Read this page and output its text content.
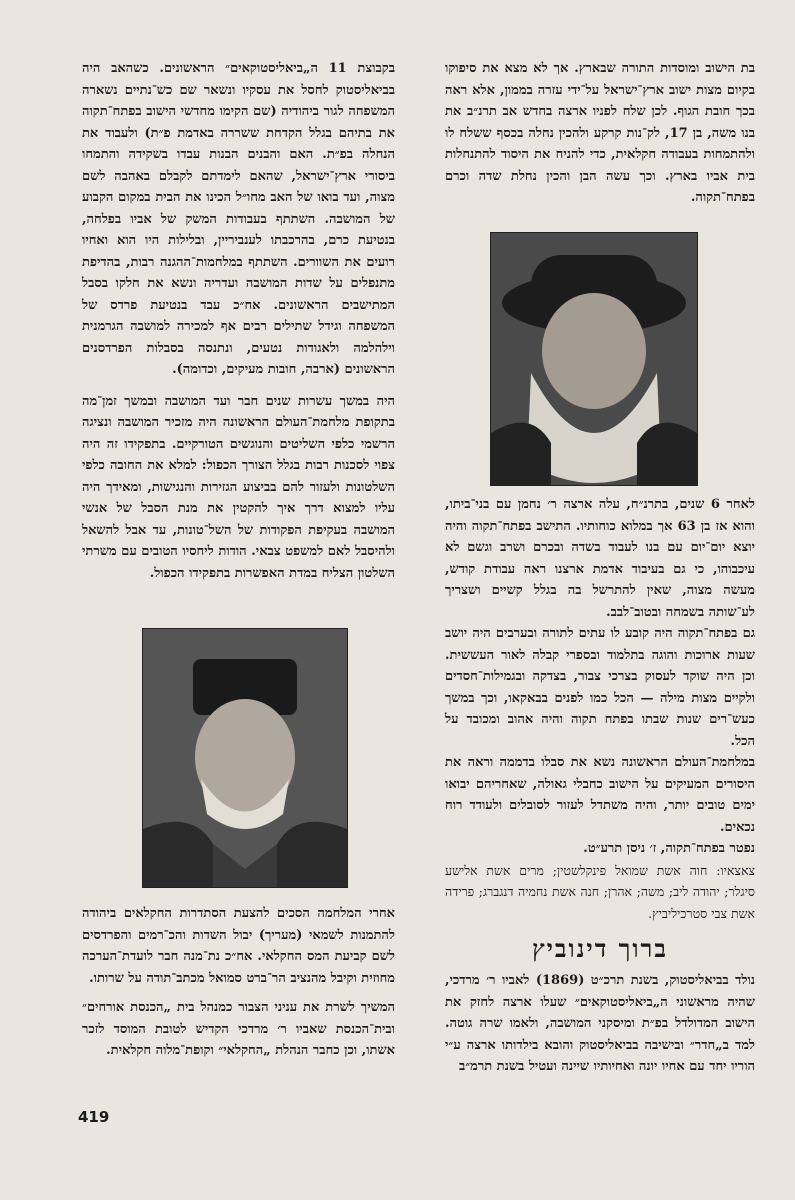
בת הישוב ומוסדות התורה שבארץ. אך לא מצא את סיפוקו בקיום מצות ישוב ארץ־ישראל על־ידי עזרה בממון, אלא ראה בכך חובת הגוף. לכן שלח לפניו ארצה בחדש אב תרנ״ב את בנו משה, בן 17, לק־נות קרקע ולהכין נחלה בכסף ששלח לו ולהתמחות בעבודה חקלאית, כדי להניח את היסוד להתנחלות בית אביו בארץ. וכך עשה הבן והכין נחלת שדה וכרם בפתח־תקוה.

לאחר 6 שנים, בתרנ״ח, עלה ארצה ר׳ נחמן עם בני־ביתו, והוא אז בן 63 אך במלוא כוחותיו. התישב בפתח־תקוה והיה יוצא יום־יום עם בנו לעבוד בשדה ובכרם ושרב וגשם לא עיכבוהו, כי גם בעיבוד אדמת ארצנו ראה עבודת קודש, מעשה מצוה, שאין להתרשל בה בגלל קשיים ושצריך לע־שותה בשמחה ובטוב־לבב.

גם בפתח־תקוה היה קובע לו עתים לתורה ובערבים היה יושב שעות ארוכות והוגה בתלמוד ובספרי קבלה לאור העששית. וכן היה שוקד לעסוק בצרכי צבור, בצדקה ובגמילות־חסדים ולקיים מצות מילה — הכל כמו לפנים בבאקאו, וכך במשך כעש־רים שנות שבתו בפתח תקוה והיה אהוב ומכובד על הכל.

במלחמת־העולם הראשונה נשא את סבלו בדממה וראה את היסורים המעיקים על הישוב כחבלי גאולה, שאחריהם יבואו ימים טובים יותר, והיה משתדל לעזור לסובלים ולעודד רוח נכאים.

נפטר בפתח־תקוה, ז׳ ניסן תרע״ט.

צאצאיו: חוה אשת שמואל פינקלשטין; מרים אשת אלישע סיגלר; יהודה ליב; משה; אהרן; חנה אשת נחמיה דנגברג; פרידה אשת צבי סטרכיליביץ.

ברוך דינוביץ

נולד בביאליסטוק, בשנת תרכ״ט (1869) לאביו ר׳ מרדכי, שהיה מראשוני ה„ביאליסטוקאים״ שעלו ארצה לחזק את הישוב המדולדל בפ״ת ומיסקני המושבה, ולאמו שרה גוטה. למד ב„חדר״ ובישיבה בביאליסטוק והובא בילדותו ארצה ע״י הוריו יחד עם אחיו יונה ואחיותיו שיינה ועטיל בשנת תרמ״ב

בקבוצת 11 ה„ביאליסטוקאים״ הראשונים. כשהאב היה בביאליסטוק לחסל את עסקיו ונשאר שם כש־נתיים נשארה המשפחה לגור ביהודיה (שם הקימו מחדשי הישוב בפתח־תקוה את בתיהם בגלל הקדחת ששררה באדמת פ״ת) ולעבוד את הנחלה בפ״ת. האם והבנים הבנות עבדו בשקידה והתמחו ביסורי ארץ־ישראל, שהאם לימדתם לקבלם באהבה לשם מצוה, ועד בואו של האב מחו״ל הכינו את הבית במקום הקבוע של המושבה. השתתף בעבודות המשק של אביו בפלחה, בנטיעת כרם, בהרכבתו לענביריין, ובלילות היו הוא ואחיו רועים את השוורים. השתתף במלחמות־ההגנה רבות, בהדיפת מתנפלים על שדות המושבה ועדריה ונשא את חלקו בסבל המתישבים הראשונים. אח״כ עבד בנטיעת פרדס של המשפחה וגידל שתילים רבים אף למכירה למושבה הגרמנית וילהלמה ולאגודות נטעים, ונתנסה בסבלות הפרדסנים הראשונים (ארבה, חובות מעיקים, וכדומה).

היה במשך עשרות שנים חבר ועד המושבה ובמשך זמן־מה בתקופת מלחמת־העולם הראשונה היה מזכיר המושבה ונציגה הרשמי כלפי השליטים והנוגשים הטורקיים. בתפקידו זה היה צפוי לסכנות רבות בגלל הצורך הכפול: למלא את החובה כלפי השלטונות ולעזור להם בביצוע הגזירות והנגישות, ומאידך היה עליו למצוא דרך איך להקטין את מנת הסבל של אנשי המושבה בעקיפת הפקודות של השל־טונות, עד אבל להשאל ולהיסבל לאם למשפט צבאי. הודות ליחסיו הטובים עם משרתי השלטון הצליח במדת האפשרות בתפקידו הכפול.

אחרי המלחמה הסכים להצעת הסתדרות החקלאים ביהודה להתמנות לשמאי (מעריך) יבול השדות והכ־רמים והפרדסים לשם קביעת המס החקלאי. אח״כ נת־מנה חבר לועדת־הערכה מחוזית וקיבל מהנציב הר־ברט סמואל מכתב־תודה על שרותו.

המשיך לשרת את עניני הצבור כמנהל בית „הכנסת אורחים״ ובית־הכנסת שאביו ר׳ מרדכי הקדיש לטובת המוסד לזכר אשתו, וכן כחבר הנהלת „החקלאי״ וקופת־מלוה חקלאית.

419
